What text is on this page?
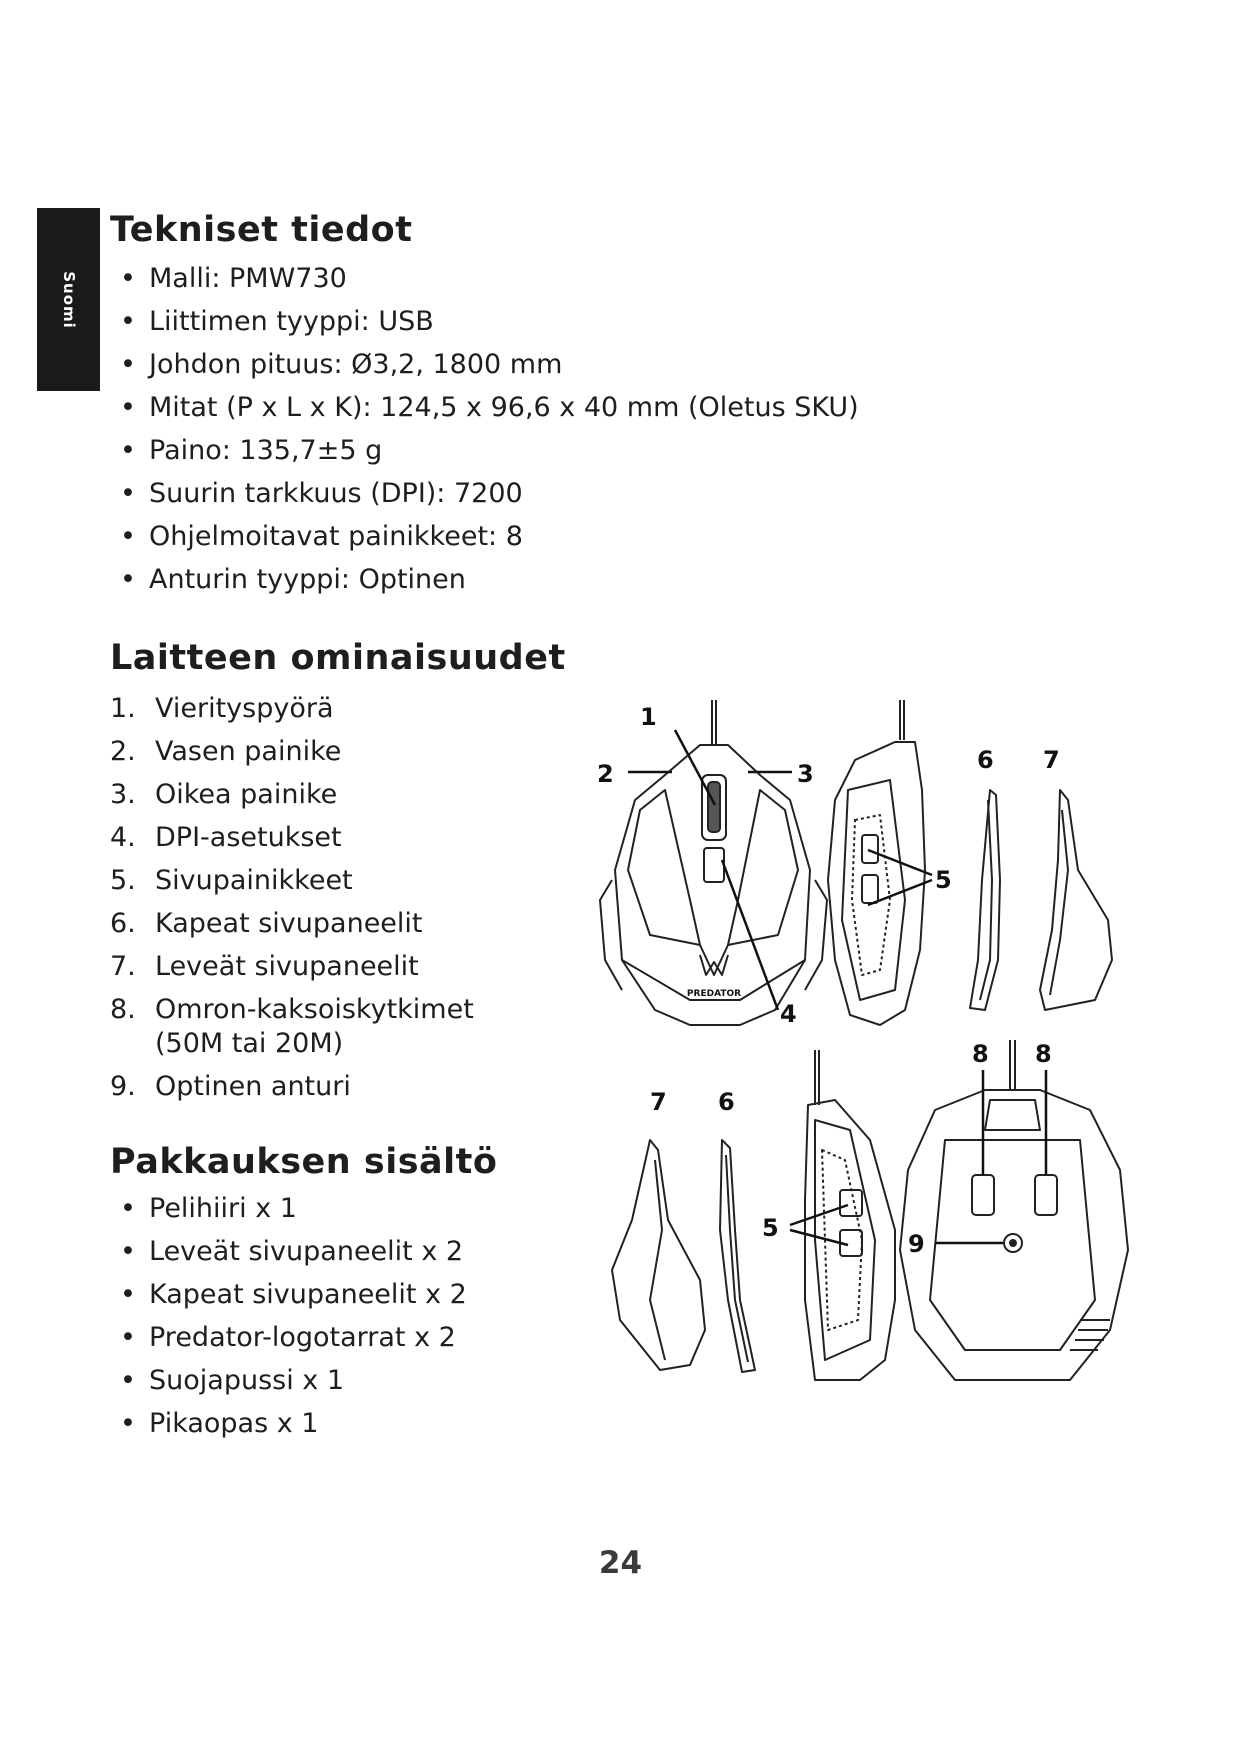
Suomi
Tekniset tiedot
• Malli: PMW730
• Liittimen tyyppi: USB
• Johdon pituus: Ø3,2, 1800 mm
• Mitat (P x L x K): 124,5 x 96,6 x 40 mm (Oletus SKU)
• Paino: 135,7±5 g
• Suurin tarkkuus (DPI): 7200
• Ohjelmoitavat painikkeet: 8
• Anturin tyyppi: Optinen
Laitteen ominaisuudet
1. Vierityspyörä
2. Vasen painike
3. Oikea painike
4. DPI-asetukset
5. Sivupainikkeet
6. Kapeat sivupaneelit
7. Leveät sivupaneelit
8. Omron-kaksoiskytkimet
(50M tai 20M)
9. Optinen anturi
Pakkauksen sisältö
• Pelihiiri x 1
• Leveät sivupaneelit x 2
• Kapeat sivupaneelit x 2
• Predator-logotarrat x 2
• Suojapussi x 1
• Pikaopas x 1
1
2	3
4
5
6 7
PREDATOR
7 6
5
9
8 8
24
